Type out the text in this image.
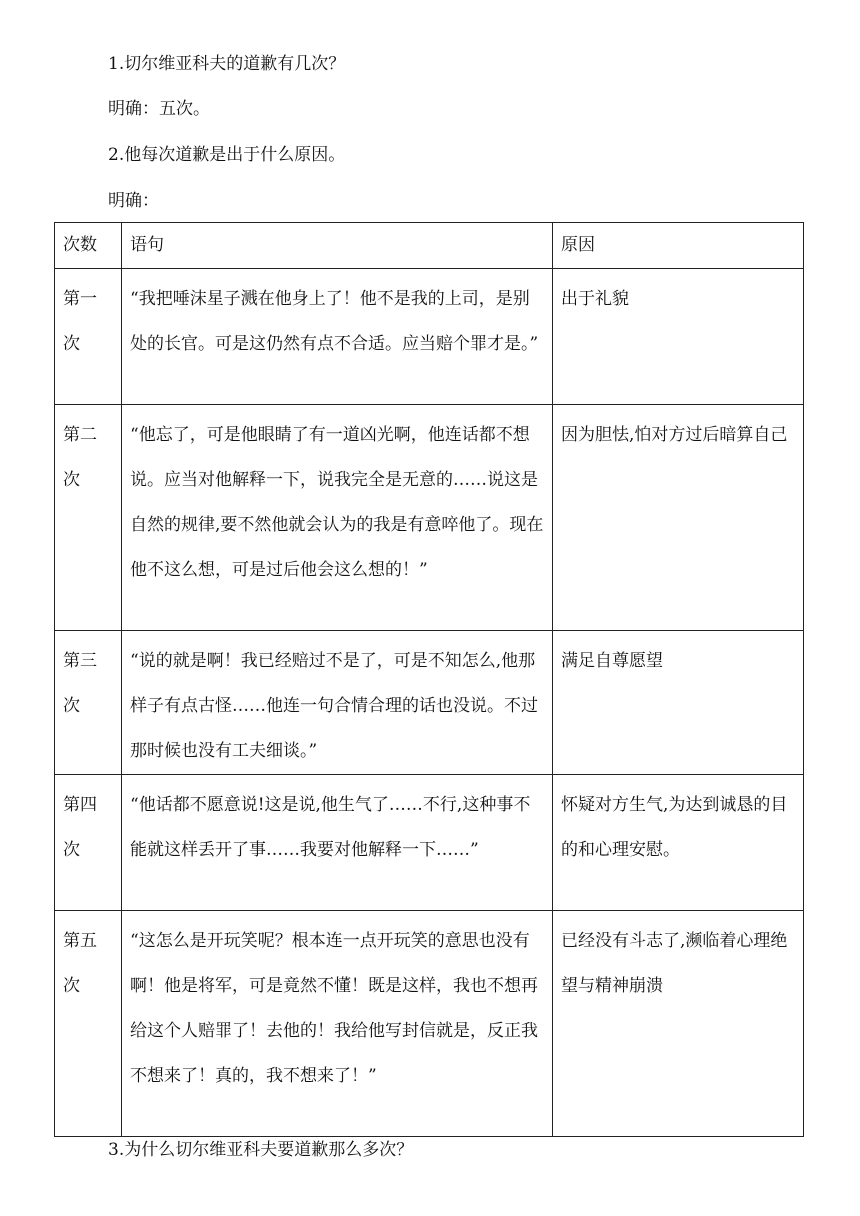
1.切尔维亚科夫的道歉有几次？
明确：五次。
2.他每次道歉是出于什么原因。
明确：
次数	语句	原因
第一次	“我把唾沫星子溅在他身上了！他不是我的上司，是别处的长官。可是这仍然有点不合适。应当赔个罪才是。”	出于礼貌
第二次	“他忘了，可是他眼睛了有一道凶光啊，他连话都不想说。应当对他解释一下，说我完全是无意的……说这是自然的规律,要不然他就会认为的我是有意啐他了。现在他不这么想，可是过后他会这么想的！”	因为胆怯,怕对方过后暗算自己
第三次	“说的就是啊！我已经赔过不是了，可是不知怎么,他那样子有点古怪……他连一句合情合理的话也没说。不过那时候也没有工夫细谈。”	满足自尊愿望
第四次	“他话都不愿意说!这是说,他生气了……不行,这种事不能就这样丢开了事……我要对他解释一下……”	怀疑对方生气,为达到诚恳的目的和心理安慰。
第五次	“这怎么是开玩笑呢？根本连一点开玩笑的意思也没有啊！他是将军，可是竟然不懂！既是这样，我也不想再给这个人赔罪了！去他的！我给他写封信就是，反正我不想来了！真的，我不想来了！”	已经没有斗志了,濒临着心理绝望与精神崩溃
3.为什么切尔维亚科夫要道歉那么多次？
